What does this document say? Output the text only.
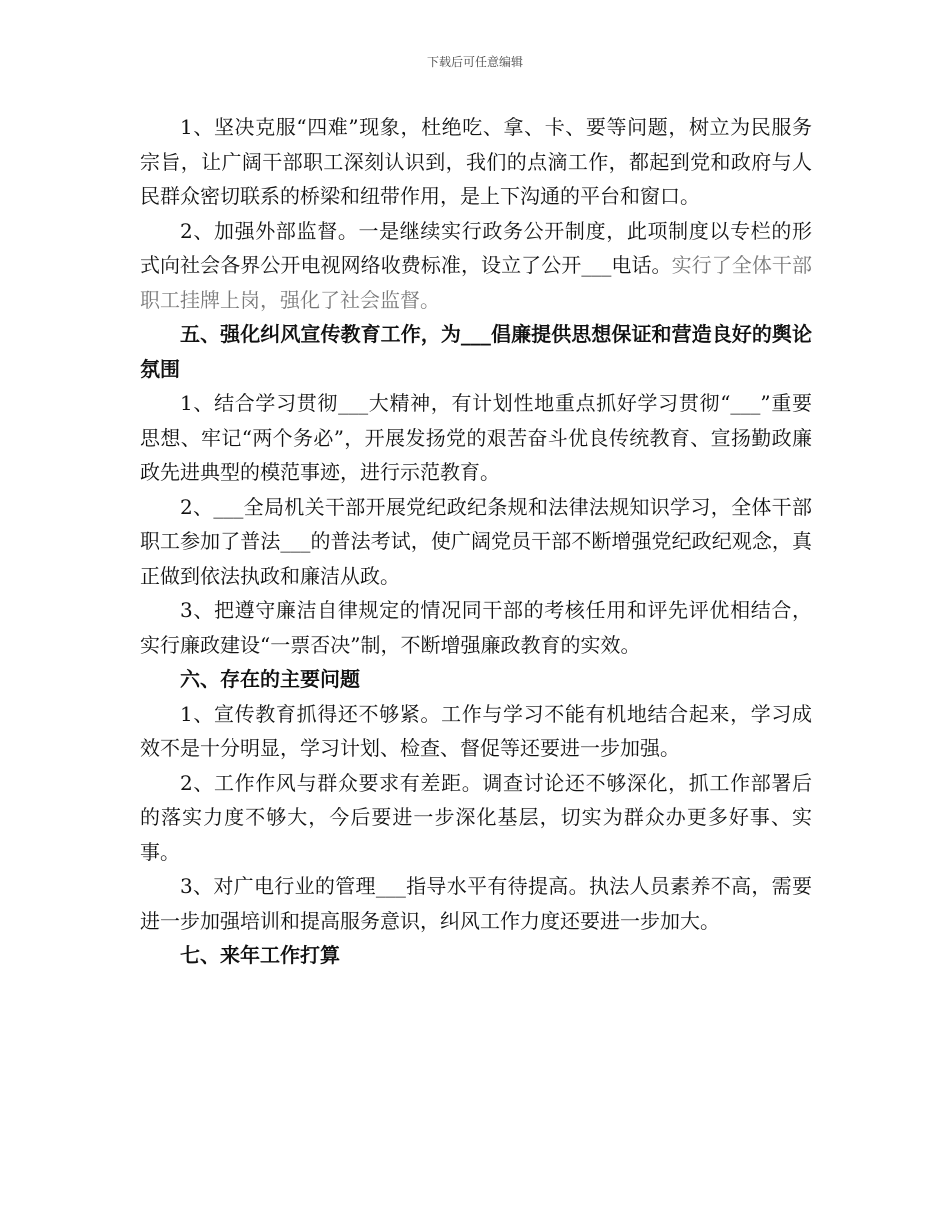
下载后可任意编辑

1、坚决克服“四难”现象，杜绝吃、拿、卡、要等问题，树立为民服务宗旨，让广阔干部职工深刻认识到，我们的点滴工作，都起到党和政府与人民群众密切联系的桥梁和纽带作用，是上下沟通的平台和窗口。

2、加强外部监督。一是继续实行政务公开制度，此项制度以专栏的形式向社会各界公开电视网络收费标准，设立了公开___电话。实行了全体干部职工挂牌上岗，强化了社会监督。

五、强化纠风宣传教育工作，为___倡廉提供思想保证和营造良好的舆论氛围

1、结合学习贯彻___大精神，有计划性地重点抓好学习贯彻“___”重要思想、牢记“两个务必”，开展发扬党的艰苦奋斗优良传统教育、宣扬勤政廉政先进典型的模范事迹，进行示范教育。

2、___全局机关干部开展党纪政纪条规和法律法规知识学习，全体干部职工参加了普法___的普法考试，使广阔党员干部不断增强党纪政纪观念，真正做到依法执政和廉洁从政。

3、把遵守廉洁自律规定的情况同干部的考核任用和评先评优相结合，实行廉政建设“一票否决”制，不断增强廉政教育的实效。

六、存在的主要问题

1、宣传教育抓得还不够紧。工作与学习不能有机地结合起来，学习成效不是十分明显，学习计划、检查、督促等还要进一步加强。

2、工作作风与群众要求有差距。调查讨论还不够深化，抓工作部署后的落实力度不够大，今后要进一步深化基层，切实为群众办更多好事、实事。

3、对广电行业的管理___指导水平有待提高。执法人员素养不高，需要进一步加强培训和提高服务意识，纠风工作力度还要进一步加大。

七、来年工作打算
